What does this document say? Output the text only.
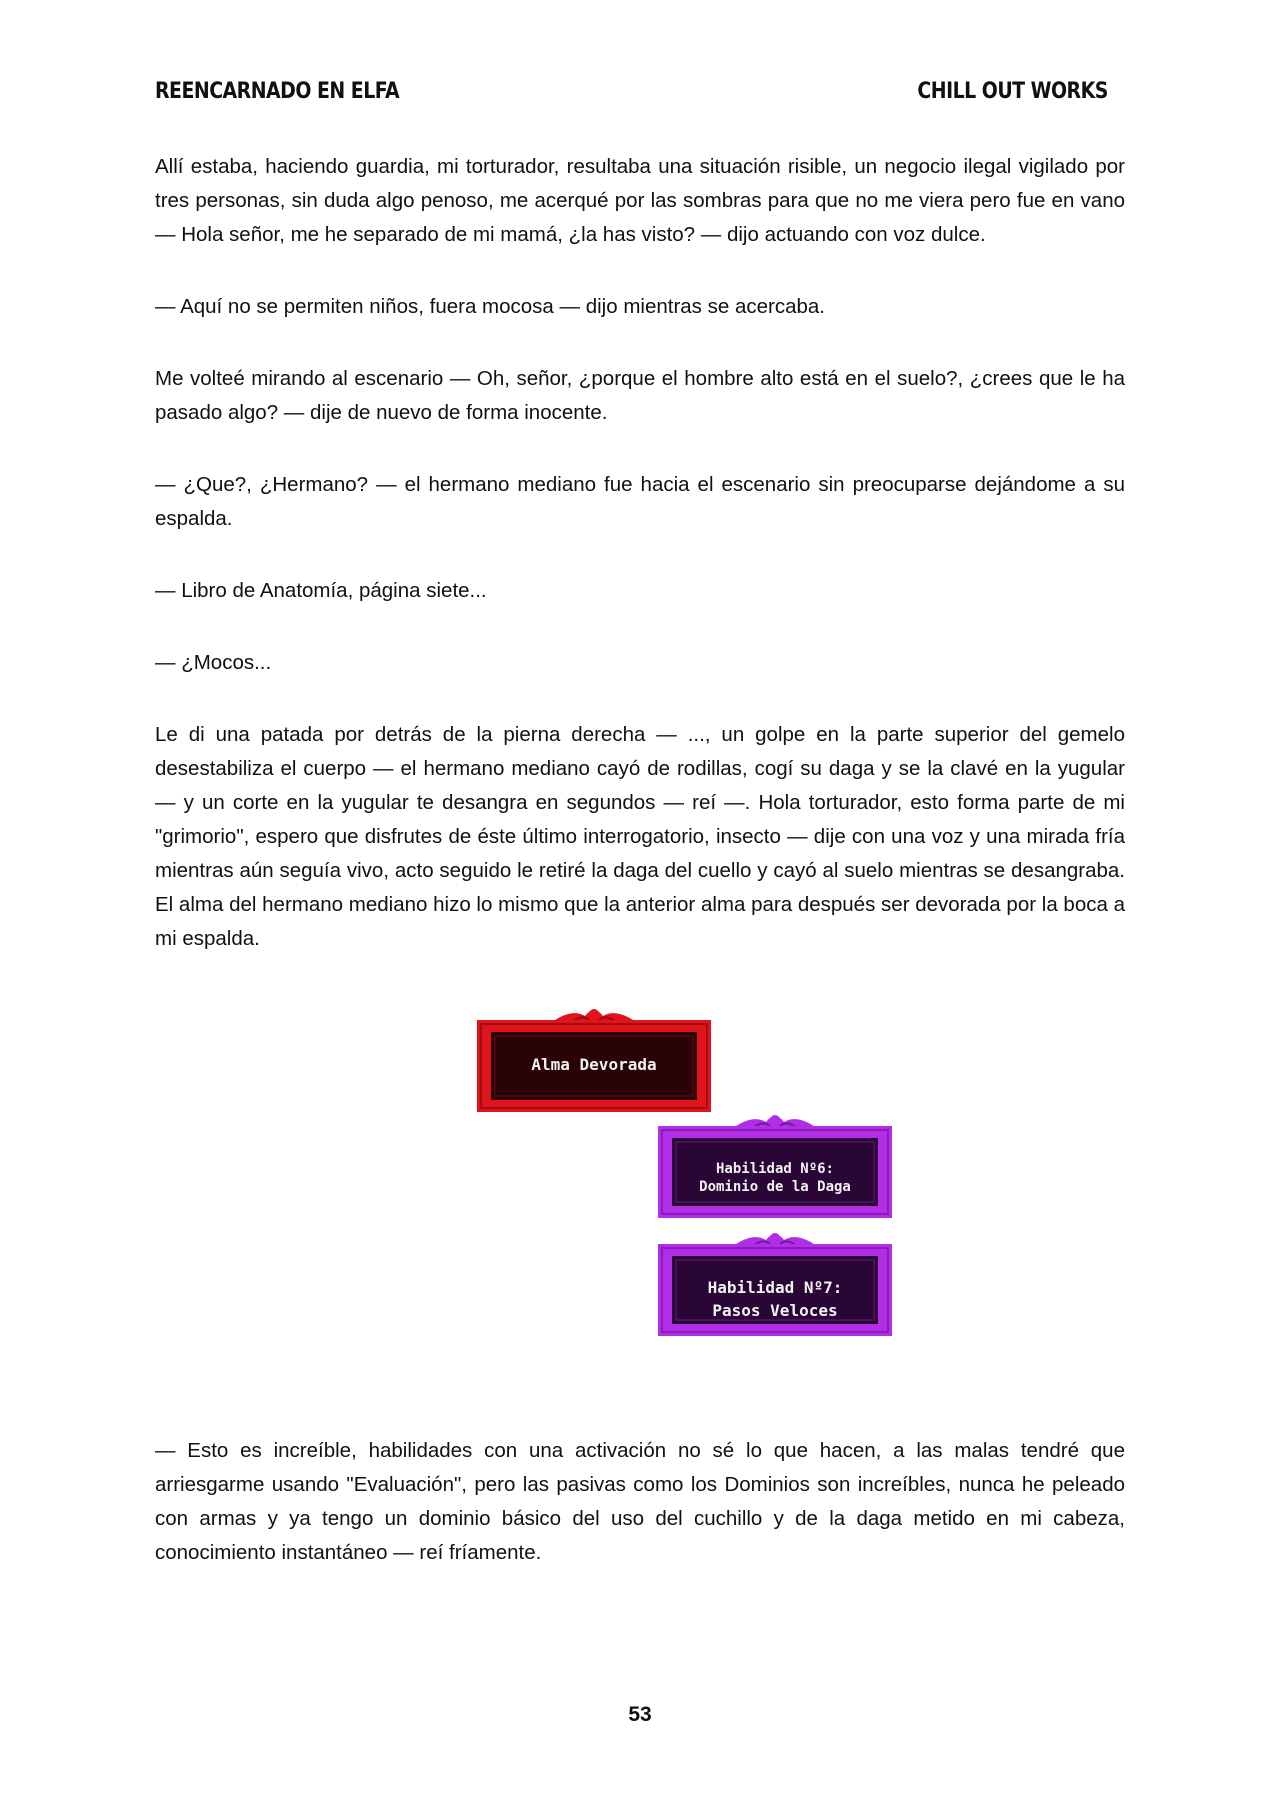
REENCARNADO EN ELFA	CHILL OUT WORKS

Allí estaba, haciendo guardia, mi torturador, resultaba una situación risible, un negocio ilegal vigilado por tres personas, sin duda algo penoso, me acerqué por las sombras para que no me viera pero fue en vano — Hola señor, me he separado de mi mamá, ¿la has visto? — dijo actuando con voz dulce.

— Aquí no se permiten niños, fuera mocosa — dijo mientras se acercaba.

Me volteé mirando al escenario — Oh, señor, ¿porque el hombre alto está en el suelo?, ¿crees que le ha pasado algo? — dije de nuevo de forma inocente.

— ¿Que?, ¿Hermano? — el hermano mediano fue hacia el escenario sin preocuparse dejándome a su espalda.

— Libro de Anatomía, página siete...

— ¿Mocos...

Le di una patada por detrás de la pierna derecha — ..., un golpe en la parte superior del gemelo desestabiliza el cuerpo — el hermano mediano cayó de rodillas, cogí su daga y se la clavé en la yugular — y un corte en la yugular te desangra en segundos — reí —. Hola torturador, esto forma parte de mi "grimorio", espero que disfrutes de éste último interrogatorio, insecto — dije con una voz y una mirada fría mientras aún seguía vivo, acto seguido le retiré la daga del cuello y cayó al suelo mientras se desangraba. El alma del hermano mediano hizo lo mismo que la anterior alma para después ser devorada por la boca a mi espalda.

Alma Devorada
Habilidad Nº6:
Dominio de la Daga
Habilidad Nº7:
Pasos Veloces

— Esto es increíble, habilidades con una activación no sé lo que hacen, a las malas tendré que arriesgarme usando "Evaluación", pero las pasivas como los Dominios son increíbles, nunca he peleado con armas y ya tengo un dominio básico del uso del cuchillo y de la daga metido en mi cabeza, conocimiento instantáneo — reí fríamente.

53
